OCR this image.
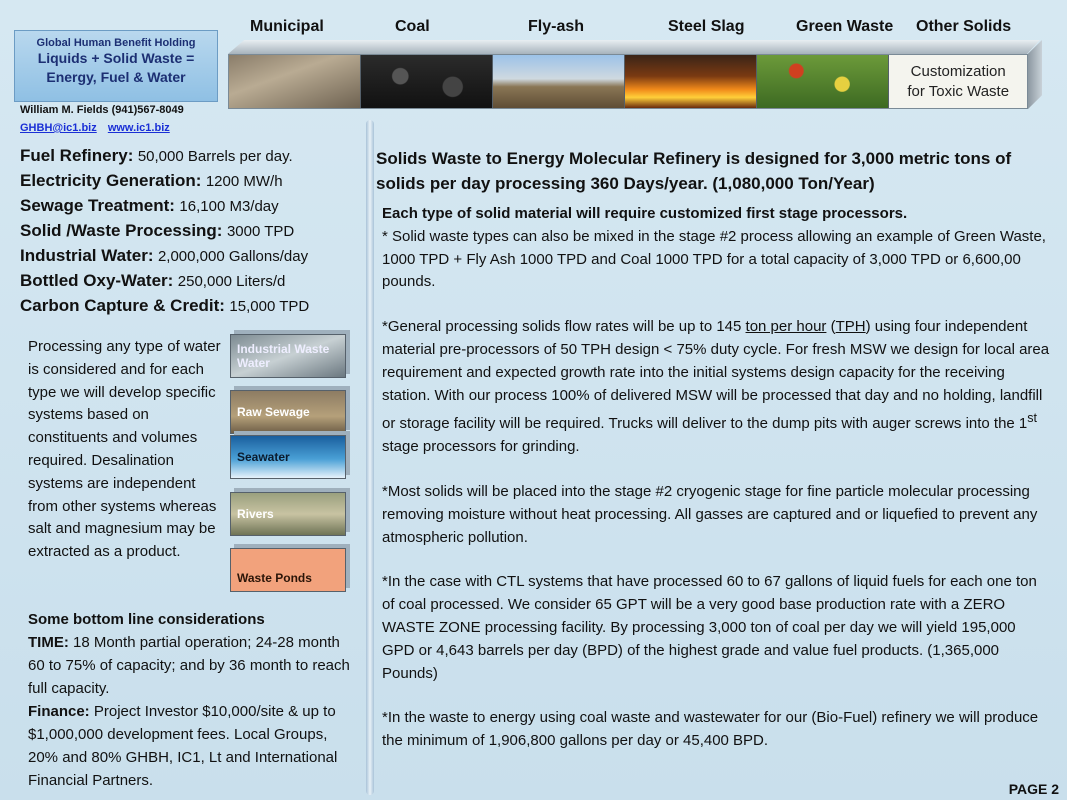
Global Human Benefit Holding
Liquids + Solid Waste =
Energy, Fuel & Water
William M. Fields (941)567-8049
GHBH@ic1.biz www.ic1.biz
Municipal	Coal	Fly-ash	Steel Slag	Green Waste Other Solids
Customization
for Toxic Waste
Fuel Refinery: 50,000 Barrels per day.
Electricity Generation: 1200 MW/h
Sewage Treatment: 16,100 M3/day
Solid /Waste Processing: 3000 TPD
Industrial Water: 2,000,000 Gallons/day
Bottled Oxy-Water: 250,000 Liters/d
Carbon Capture & Credit: 15,000 TPD
Processing any type of water is considered and for each type we will develop specific systems based on constituents and volumes required. Desalination systems are independent from other systems whereas salt and magnesium may be extracted as a product.
Industrial Waste Water
Raw Sewage
Seawater
Rivers
Waste Ponds
Some bottom line considerations
TIME: 18 Month partial operation; 24-28 month 60 to 75% of capacity; and by 36 month to reach full capacity.
Finance: Project Investor $10,000/site & up to $1,000,000 development fees. Local Groups, 20% and 80% GHBH, IC1, Lt and International Financial Partners.
Solids Waste to Energy Molecular Refinery is designed for 3,000 metric tons of solids per day processing 360 Days/year. (1,080,000 Ton/Year)

Each type of solid material will require customized first stage processors.
* Solid waste types can also be mixed in the stage #2 process allowing an example of Green Waste, 1000 TPD + Fly Ash 1000 TPD and Coal 1000 TPD for a total capacity of 3,000 TPD or 6,600,00 pounds.

*General processing solids flow rates will be up to 145 ton per hour (TPH) using four independent material pre-processors of 50 TPH design < 75% duty cycle. For fresh MSW we design for local area requirement and expected growth rate into the initial systems design capacity for the receiving station. With our process 100% of delivered MSW will be processed that day and no holding, landfill or storage facility will be required. Trucks will deliver to the dump pits with auger screws into the 1st stage processors for grinding.

*Most solids will be placed into the stage #2 cryogenic stage for fine particle molecular processing removing moisture without heat processing. All gasses are captured and or liquefied to prevent any atmospheric pollution.

*In the case with CTL systems that have processed 60 to 67 gallons of liquid fuels for each one ton of coal processed. We consider 65 GPT will be a very good base production rate with a ZERO WASTE ZONE processing facility. By processing 3,000 ton of coal per day we will yield 195,000 GPD or 4,643 barrels per day (BPD) of the highest grade and value fuel products. (1,365,000 Pounds)

*In the waste to energy using coal waste and wastewater for our (Bio-Fuel) refinery we will produce the minimum of 1,906,800 gallons per day or 45,400 BPD.

PAGE 2
